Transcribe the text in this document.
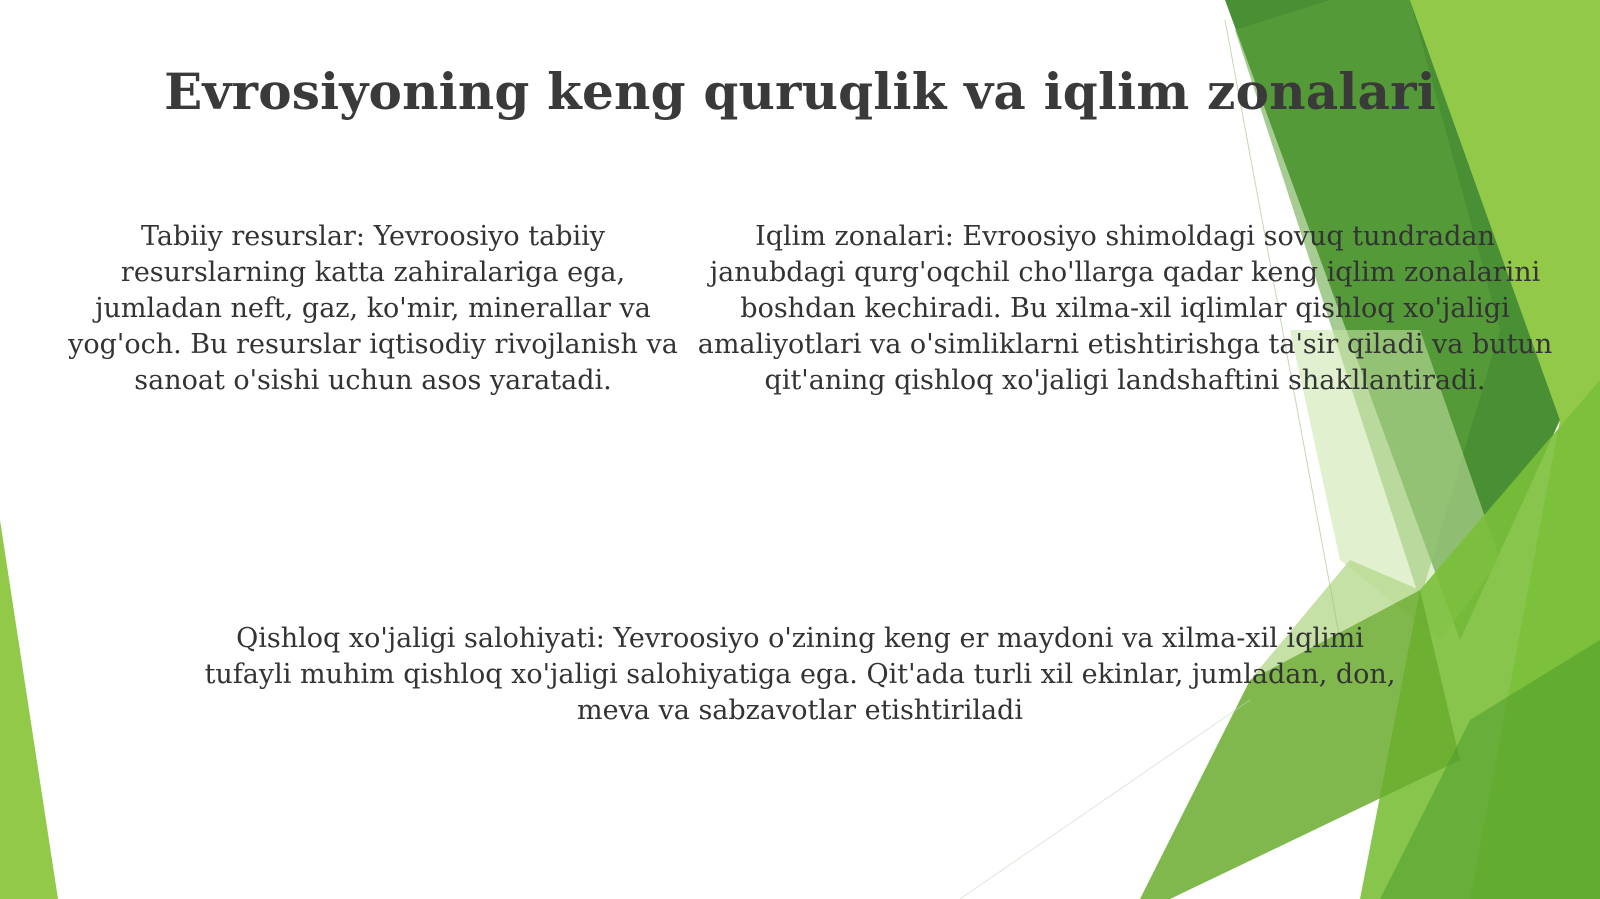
Evrosiyoning keng quruqlik va iqlim zonalari
Tabiiy resurslar: Yevroosiyo tabiiy resurslarning katta zahiralariga ega, jumladan neft, gaz, ko'mir, minerallar va yog'och. Bu resurslar iqtisodiy rivojlanish va sanoat o'sishi uchun asos yaratadi.
Iqlim zonalari: Evroosiyo shimoldagi sovuq tundradan janubdagi qurg'oqchil cho'llarga qadar keng iqlim zonalarini boshdan kechiradi. Bu xilma-xil iqlimlar qishloq xo'jaligi amaliyotlari va o'simliklarni etishtirishga ta'sir qiladi va butun qit'aning qishloq xo'jaligi landshaftini shakllantiradi.
Qishloq xo'jaligi salohiyati: Yevroosiyo o'zining keng er maydoni va xilma-xil iqlimi tufayli muhim qishloq xo'jaligi salohiyatiga ega. Qit'ada turli xil ekinlar, jumladan, don, meva va sabzavotlar etishtiriladi
